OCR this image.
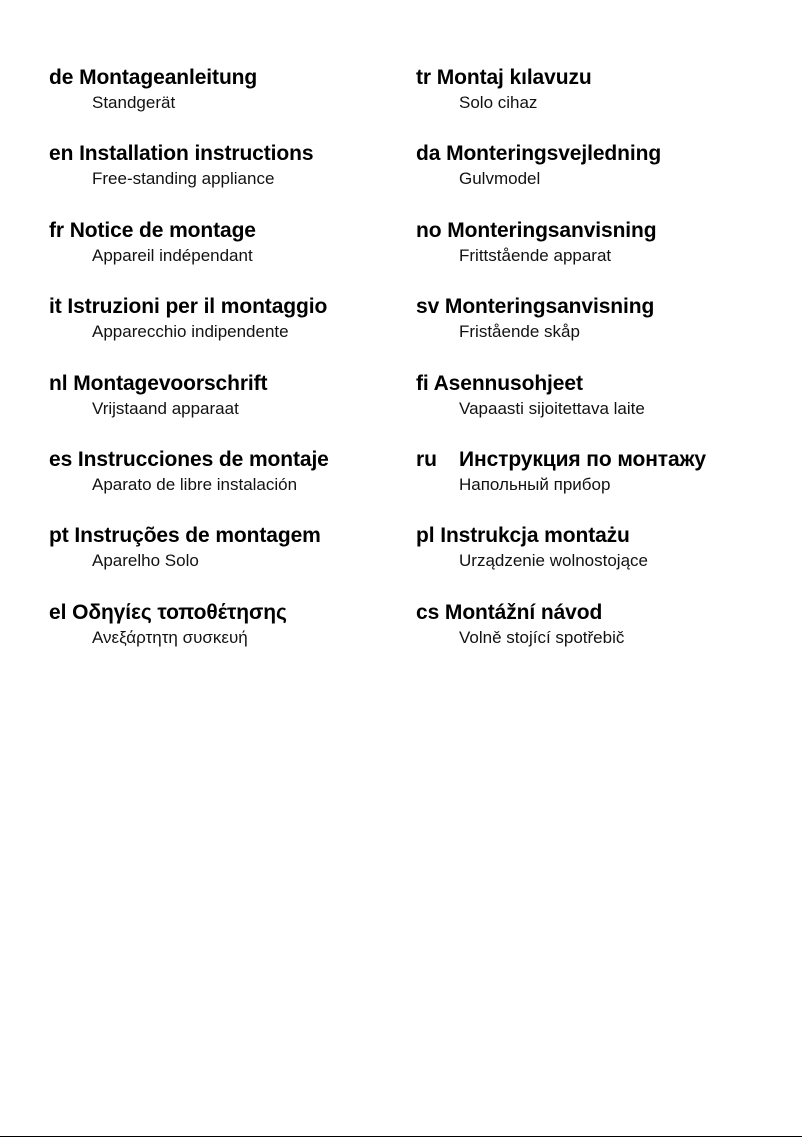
de Montageanleitung
Standgerät
en Installation instructions
Free-standing appliance
fr Notice de montage
Appareil indépendant
it Istruzioni per il montaggio
Apparecchio indipendente
nl Montagevoorschrift
Vrijstaand apparaat
es Instrucciones de montaje
Aparato de libre instalación
pt Instruções de montagem
Aparelho Solo
el Οδηγίες τοποθέτησης
Ανεξάρτητη συσκευή
tr Montaj kılavuzu
Solo cihaz
da Monteringsvejledning
Gulvmodel
no Monteringsanvisning
Frittstående apparat
sv Monteringsanvisning
Fristående skåp
fi Asennusohjeet
Vapaasti sijoitettava laite
ru Инструкция по монтажу
Напольный прибор
pl Instrukcja montażu
Urządzenie wolnostojące
cs Montážní návod
Volně stojící spotřebič
